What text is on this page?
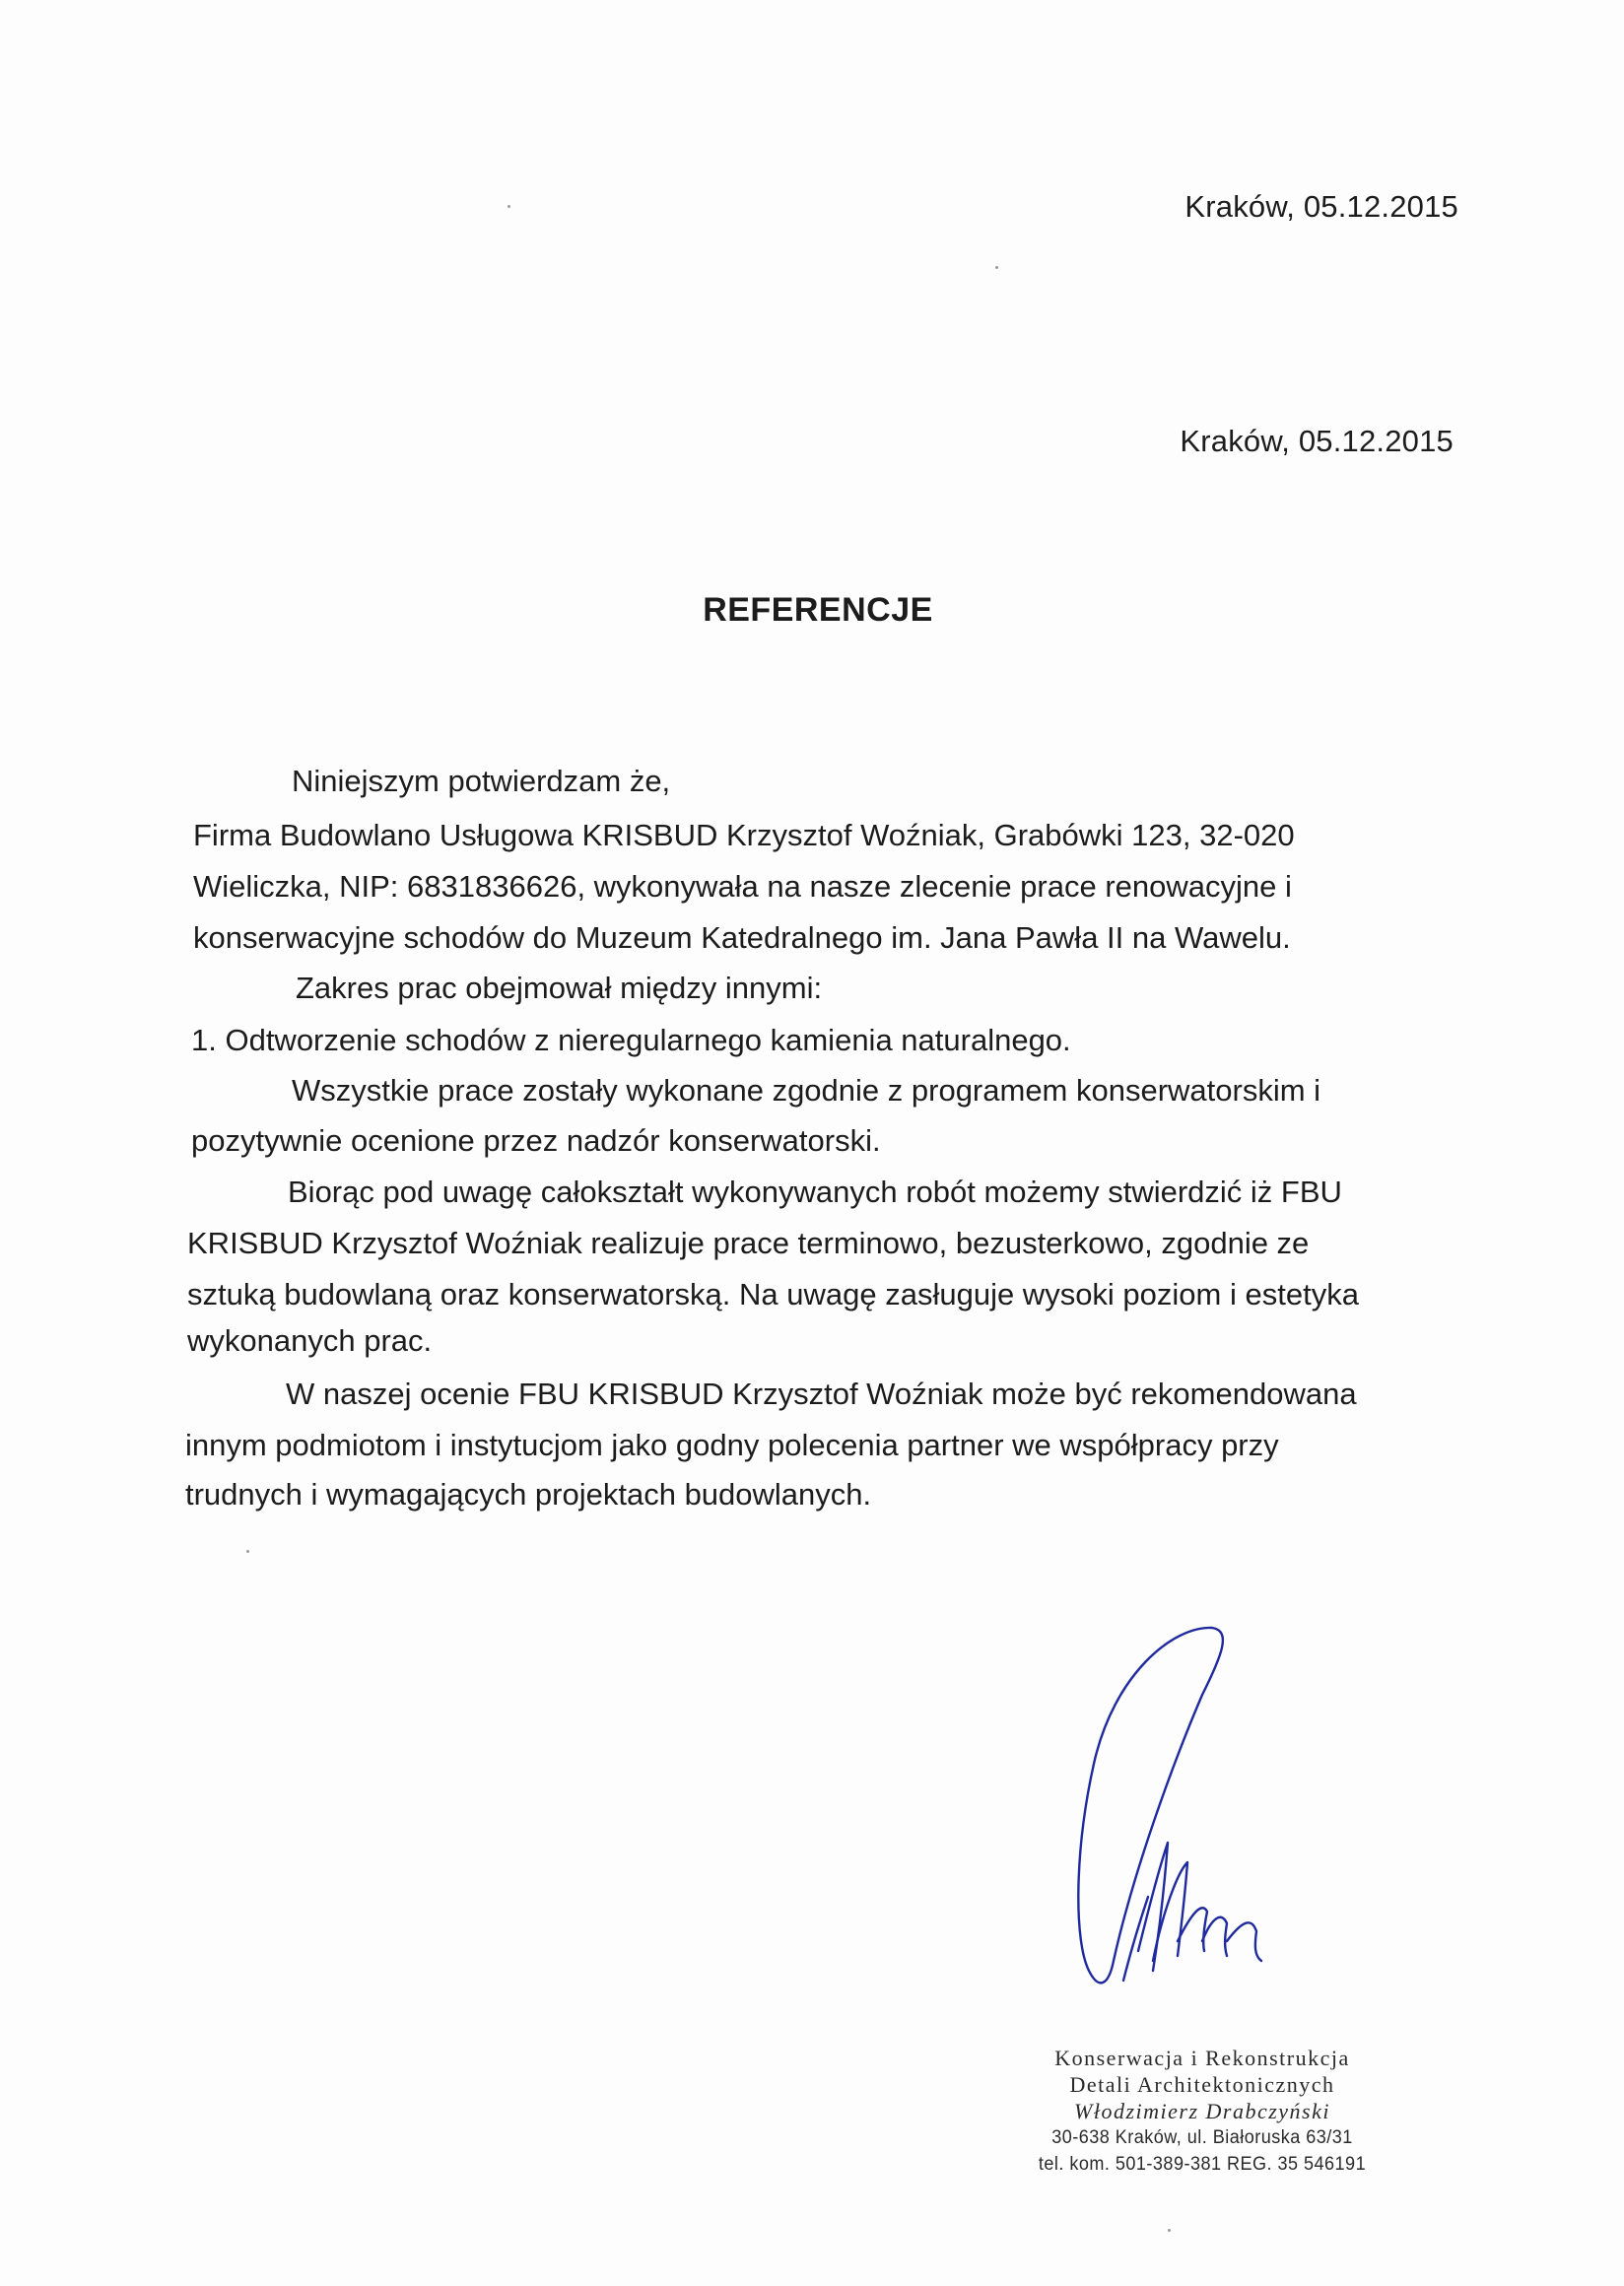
Kraków, 05.12.2015
Kraków, 05.12.2015
REFERENCJE
Niniejszym potwierdzam że,
Firma Budowlano Usługowa KRISBUD Krzysztof Woźniak, Grabówki 123, 32-020
Wieliczka, NIP: 6831836626, wykonywała na nasze zlecenie prace renowacyjne i
konserwacyjne schodów do Muzeum Katedralnego im. Jana Pawła II na Wawelu.
Zakres prac obejmował między innymi:
1. Odtworzenie schodów z nieregularnego kamienia naturalnego.
Wszystkie prace zostały wykonane zgodnie z programem konserwatorskim i
pozytywnie ocenione przez nadzór konserwatorski.
Biorąc pod uwagę całokształt wykonywanych robót możemy stwierdzić iż FBU
KRISBUD Krzysztof Woźniak realizuje prace terminowo, bezusterkowo, zgodnie ze
sztuką budowlaną oraz konserwatorską. Na uwagę zasługuje wysoki poziom i estetyka
wykonanych prac.
W naszej ocenie FBU KRISBUD Krzysztof Woźniak może być rekomendowana
innym podmiotom i instytucjom jako godny polecenia partner we współpracy przy
trudnych i wymagających projektach budowlanych.
Konserwacja i Rekonstrukcja
Detali Architektonicznych
Włodzimierz Drabczyński
30-638 Kraków, ul. Białoruska 63/31
tel. kom. 501-389-381 REG. 35 546191
